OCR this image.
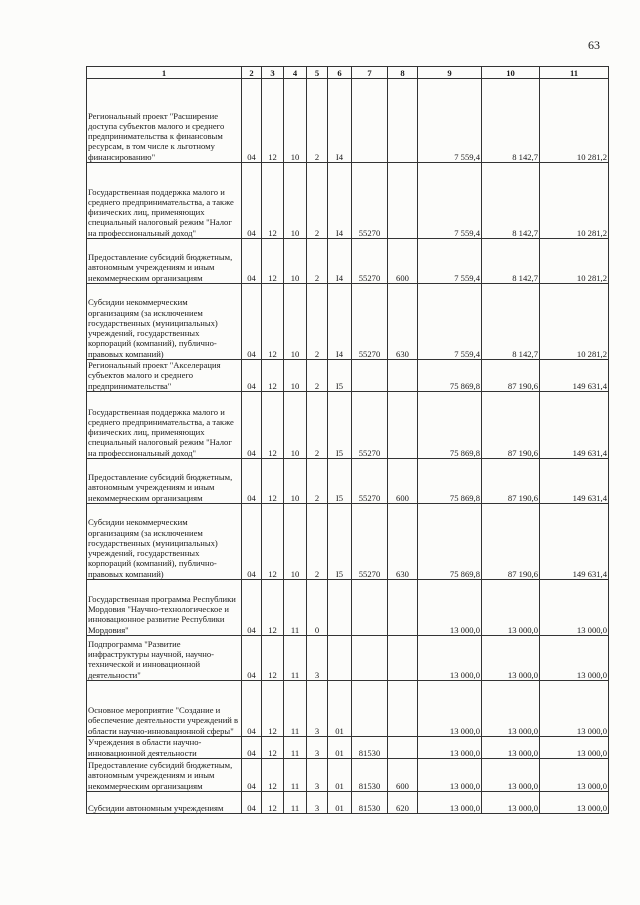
63
1	2	3	4	5	6	7	8	9	10	11
Региональный проект "Расширение доступа субъектов малого и среднего предпринимательства к финансовым ресурсам, в том числе к льготному финансированию"	04	12	10	2	I4			7 559,4	8 142,7	10 281,2
Государственная поддержка малого и среднего предпринимательства, а также физических лиц, применяющих специальный налоговый режим "Налог на профессиональный доход"	04	12	10	2	I4	55270		7 559,4	8 142,7	10 281,2
Предоставление субсидий бюджетным, автономным учреждениям и иным некоммерческим организациям	04	12	10	2	I4	55270	600	7 559,4	8 142,7	10 281,2
Субсидии некоммерческим организациям (за исключением государственных (муниципальных) учреждений, государственных корпораций (компаний), публично-правовых компаний)	04	12	10	2	I4	55270	630	7 559,4	8 142,7	10 281,2
Региональный проект "Акселерация субъектов малого и среднего предпринимательства"	04	12	10	2	I5			75 869,8	87 190,6	149 631,4
Государственная поддержка малого и среднего предпринимательства, а также физических лиц, применяющих специальный налоговый режим "Налог на профессиональный доход"	04	12	10	2	I5	55270		75 869,8	87 190,6	149 631,4
Предоставление субсидий бюджетным, автономным учреждениям и иным некоммерческим организациям	04	12	10	2	I5	55270	600	75 869,8	87 190,6	149 631,4
Субсидии некоммерческим организациям (за исключением государственных (муниципальных) учреждений, государственных корпораций (компаний), публично-правовых компаний)	04	12	10	2	I5	55270	630	75 869,8	87 190,6	149 631,4
Государственная программа Республики Мордовия "Научно-технологическое и инновационное развитие Республики Мордовия"	04	12	11	0				13 000,0	13 000,0	13 000,0
Подпрограмма "Развитие инфраструктуры научной, научно-технической и инновационной деятельности"	04	12	11	3				13 000,0	13 000,0	13 000,0
Основное мероприятие "Создание и обеспечение деятельности учреждений в области научно-инновационной сферы"	04	12	11	3	01			13 000,0	13 000,0	13 000,0
Учреждения в области научно-инновационной деятельности	04	12	11	3	01	81530		13 000,0	13 000,0	13 000,0
Предоставление субсидий бюджетным, автономным учреждениям и иным некоммерческим организациям	04	12	11	3	01	81530	600	13 000,0	13 000,0	13 000,0
Субсидии автономным учреждениям	04	12	11	3	01	81530	620	13 000,0	13 000,0	13 000,0
